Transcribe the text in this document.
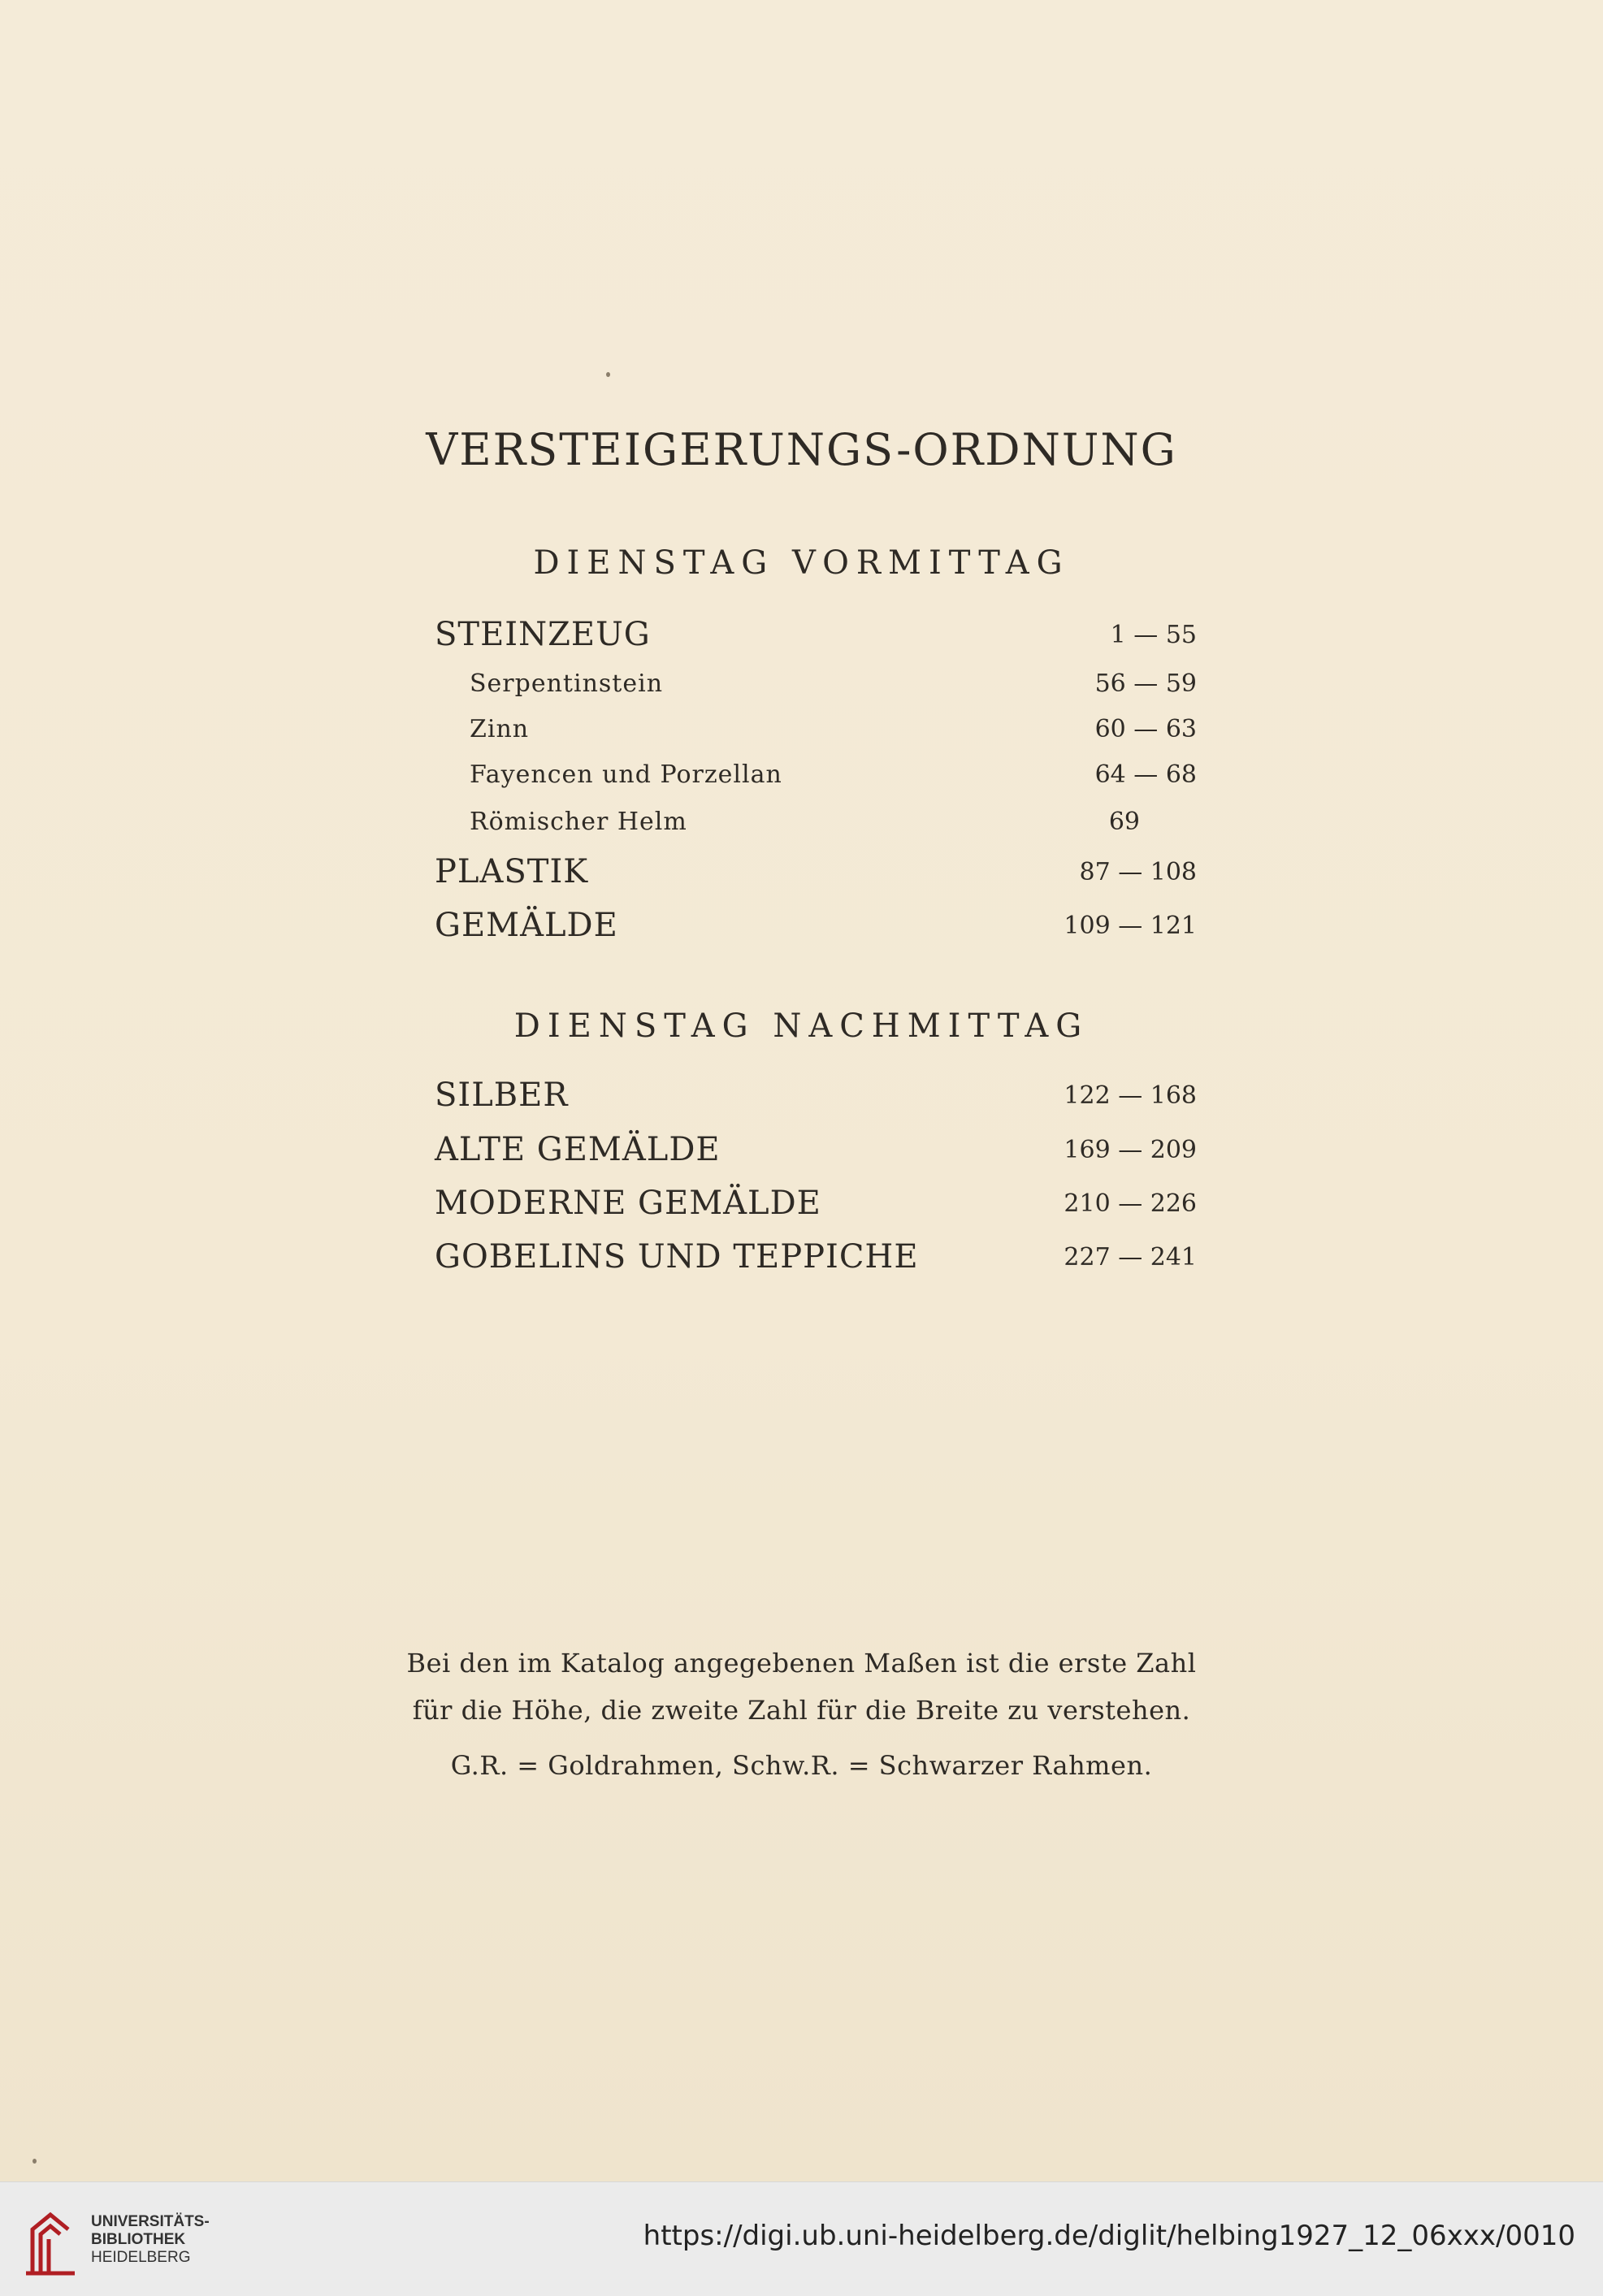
VERSTEIGERUNGS-ORDNUNG
DIENSTAG VORMITTAG
STEINZEUG	1 — 55
Serpentinstein	56 — 59
Zinn	60 — 63
Fayencen und Porzellan	64 — 68
Römischer Helm	69
PLASTIK	87 — 108
GEMÄLDE	109 — 121
DIENSTAG NACHMITTAG
SILBER	122 — 168
ALTE GEMÄLDE	169 — 209
MODERNE GEMÄLDE	210 — 226
GOBELINS UND TEPPICHE	227 — 241
Bei den im Katalog angegebenen Maßen ist die erste Zahl
für die Höhe, die zweite Zahl für die Breite zu verstehen.
G.R. = Goldrahmen, Schw.R. = Schwarzer Rahmen.
UNIVERSITÄTS-
BIBLIOTHEK
HEIDELBERG
https://digi.ub.uni-heidelberg.de/diglit/helbing1927_12_06xxx/0010
